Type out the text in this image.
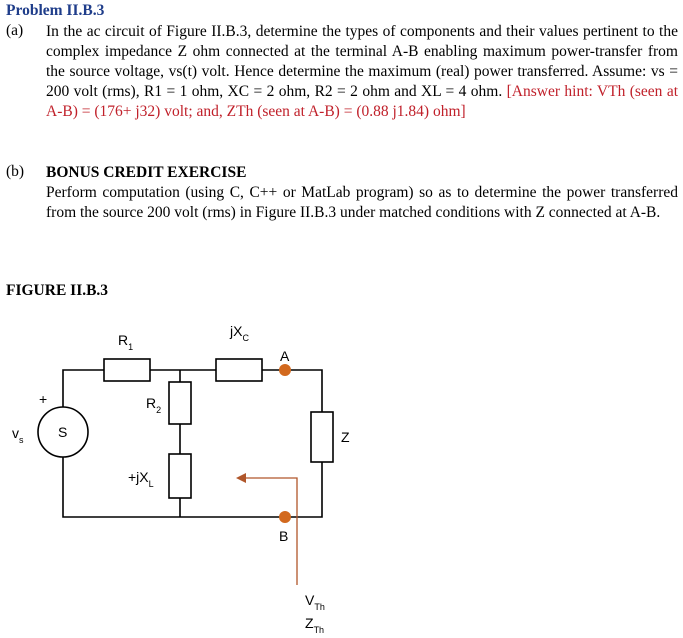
Problem II.B.3
(a) In the ac circuit of Figure II.B.3, determine the types of components and their values pertinent to the complex impedance Z ohm connected at the terminal A-B enabling maximum power-transfer from the source voltage, vs(t) volt. Hence determine the maximum (real) power transferred. Assume: vs = 200 volt (rms), R1 = 1 ohm, XC = 2 ohm, R2 = 2 ohm and XL = 4 ohm. [Answer hint: VTh (seen at A-B) = (176+ j32) volt; and, ZTh (seen at A-B) = (0.88 j1.84) ohm]
(b) BONUS CREDIT EXERCISE
Perform computation (using C, C++ or MatLab program) so as to determine the power transferred from the source 200 volt (rms) in Figure II.B.3 under matched conditions with Z connected at A-B.
FIGURE II.B.3
$R_1$
$jX_C$
A
$R_2$
+
$v_s$ S	Z
$+jX_L$
B
$V_{Th}$
$Z_{Th}$
